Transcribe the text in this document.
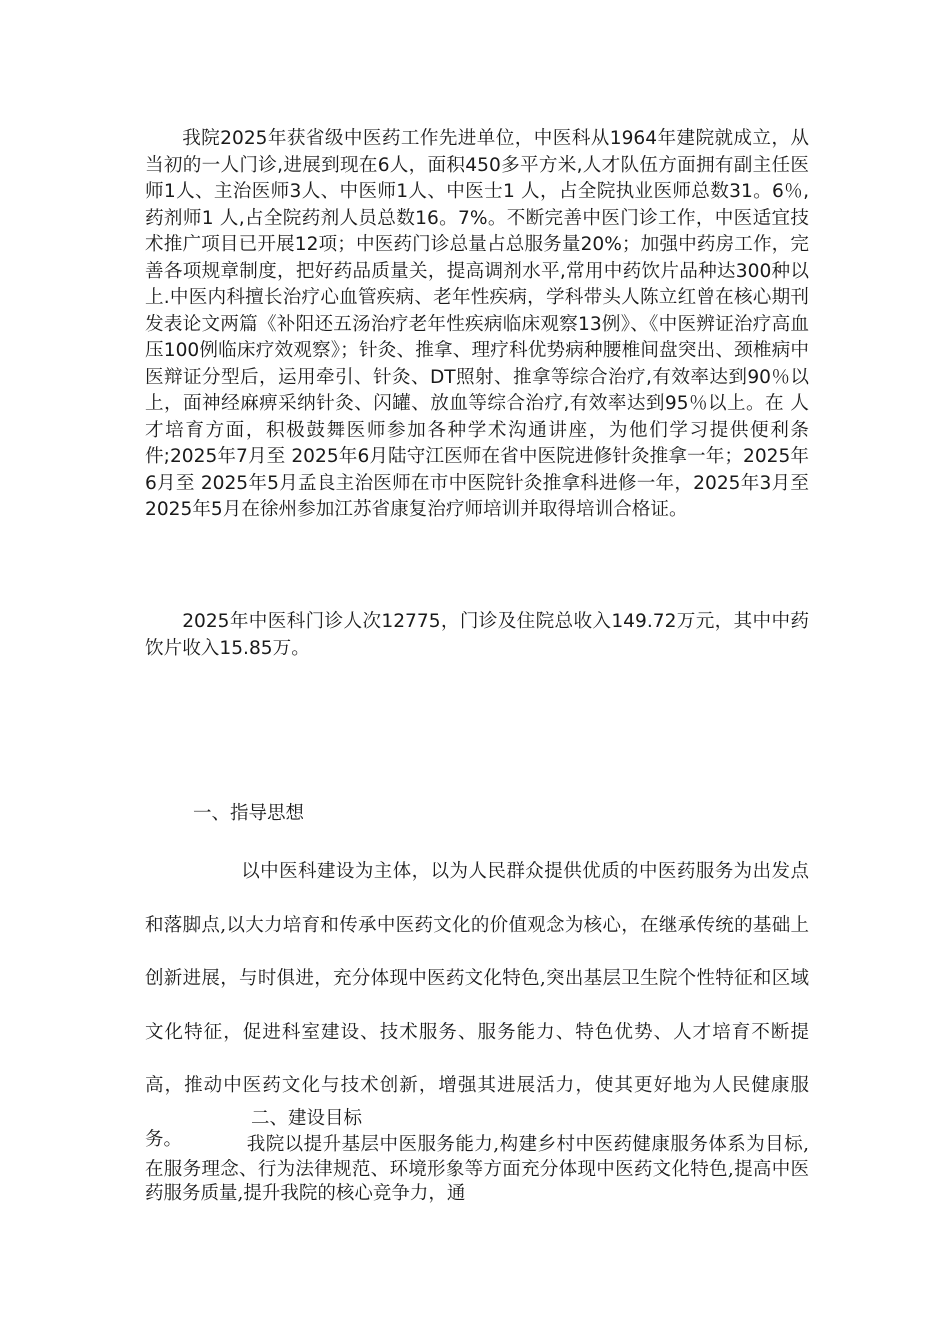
我院2025年获省级中医药工作先进单位，中医科从1964年建院就成立，从当初的一人门诊,进展到现在6人，面积450多平方米,人才队伍方面拥有副主任医师1人、主治医师3人、中医师1人、中医士1 人，占全院执业医师总数31。6％,药剂师1 人,占全院药剂人员总数16。7%。不断完善中医门诊工作，中医适宜技术推广项目已开展12项；中医药门诊总量占总服务量20%；加强中药房工作，完善各项规章制度，把好药品质量关，提高调剂水平,常用中药饮片品种达300种以上.中医内科擅长治疗心血管疾病、老年性疾病，学科带头人陈立红曾在核心期刊发表论文两篇《补阳还五汤治疗老年性疾病临床观察13例》、《中医辨证治疗高血压100例临床疗效观察》；针灸、推拿、理疗科优势病种腰椎间盘突出、颈椎病中医辩证分型后，运用牵引、针灸、DT照射、推拿等综合治疗,有效率达到90％以上，面神经麻痹采纳针灸、闪罐、放血等综合治疗,有效率达到95％以上。在 人才培育方面，积极鼓舞医师参加各种学术沟通讲座，为他们学习提供便利条件;2025年7月至 2025年6月陆守江医师在省中医院进修针灸推拿一年；2025年6月至 2025年5月孟良主治医师在市中医院针灸推拿科进修一年，2025年3月至 2025年5月在徐州参加江苏省康复治疗师培训并取得培训合格证。

2025年中医科门诊人次12775，门诊及住院总收入149.72万元，其中中药饮片收入15.85万。

一、指导思想

以中医科建设为主体，以为人民群众提供优质的中医药服务为出发点和落脚点,以大力培育和传承中医药文化的价值观念为核心，在继承传统的基础上创新进展，与时俱进，充分体现中医药文化特色,突出基层卫生院个性特征和区域文化特征，促进科室建设、技术服务、服务能力、特色优势、人才培育不断提高，推动中医药文化与技术创新，增强其进展活力，使其更好地为人民健康服务。

二、建设目标

我院以提升基层中医服务能力,构建乡村中医药健康服务体系为目标,在服务理念、行为法律规范、环境形象等方面充分体现中医药文化特色,提高中医药服务质量,提升我院的核心竞争力，通
